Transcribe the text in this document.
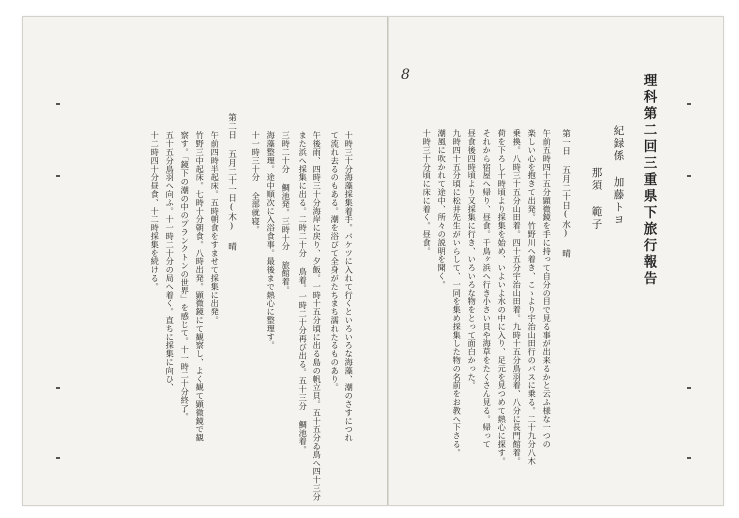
8	理科第二回三重県下旅行報告
紀録係 加藤トヨ
那須 範子
第一日 五月二十日(水) 晴
午前五時四十五分顕微鏡を手に持って自分の目で見る事が出来るかと云ふ様な一つの
楽しい心を抱きて出発。竹野川へ着き、こゝより宇治山田行のバスに乗る。二十九分八木
乗換。八時三十五分山田着。四十五分宇治山田着。九時十五分鳥羽着、八分に長門館着。
荷を下ろし十時頃より採集を始め、いよいよ水の中に入り、足元を見つめて熱心に探す。
それから宿屋へ帰り、昼食。千鳥ヶ浜へ行き小さい貝や海草をたくさん見る。帰って
昼食後四時頃より又採集に行き、いろいろな物をとって面白かった。
九時四十五分頃に松井先生がいらして、一同を集め採集した物の名前をお教へ下さる。
潮風に吹かれて途中、所々の説明を聞く。
十時三十分頃に床に着く。昼食。
十時三十分海藻採集着手。バケツに入れて行くといろいろな海藻、潮のさすにつれ
て流れ去るのもある。潮を浴びて全身がたちまち濡れたるものあり。
午後雨、四時三十分海岸に戻り、夕飯。一時十五分頃に出る島の帆立貝。五十五分ゐ鳥へ四十三分
また浜へ採集に出る。二時二十分 鳥着。一時二十分再び出る。五十三分 鯛池着。
三時二十分 鯛池発。三時十分 旅館着。
海藻整理。途中順次に入浴食事。最後まで熱心に整理す。
十一時三十分 全部就寝。
第二日 五月二十一日(木) 晴
午前四時半起床。五時朝食をすませて採集に出発。
竹野三中起床。七時十分朝食。八時出発。顕微鏡にて観察し、よく観て顕微鏡で観
察す。「鏡下の潮の中のプランクトンの世界」を感じて。十一時二十分終了。
五十五分鳥羽へ向ふ。十一時二十分の局へ着く。直ちに採集に向ひ、
十二時四十分昼食、十二時採集を続ける。
